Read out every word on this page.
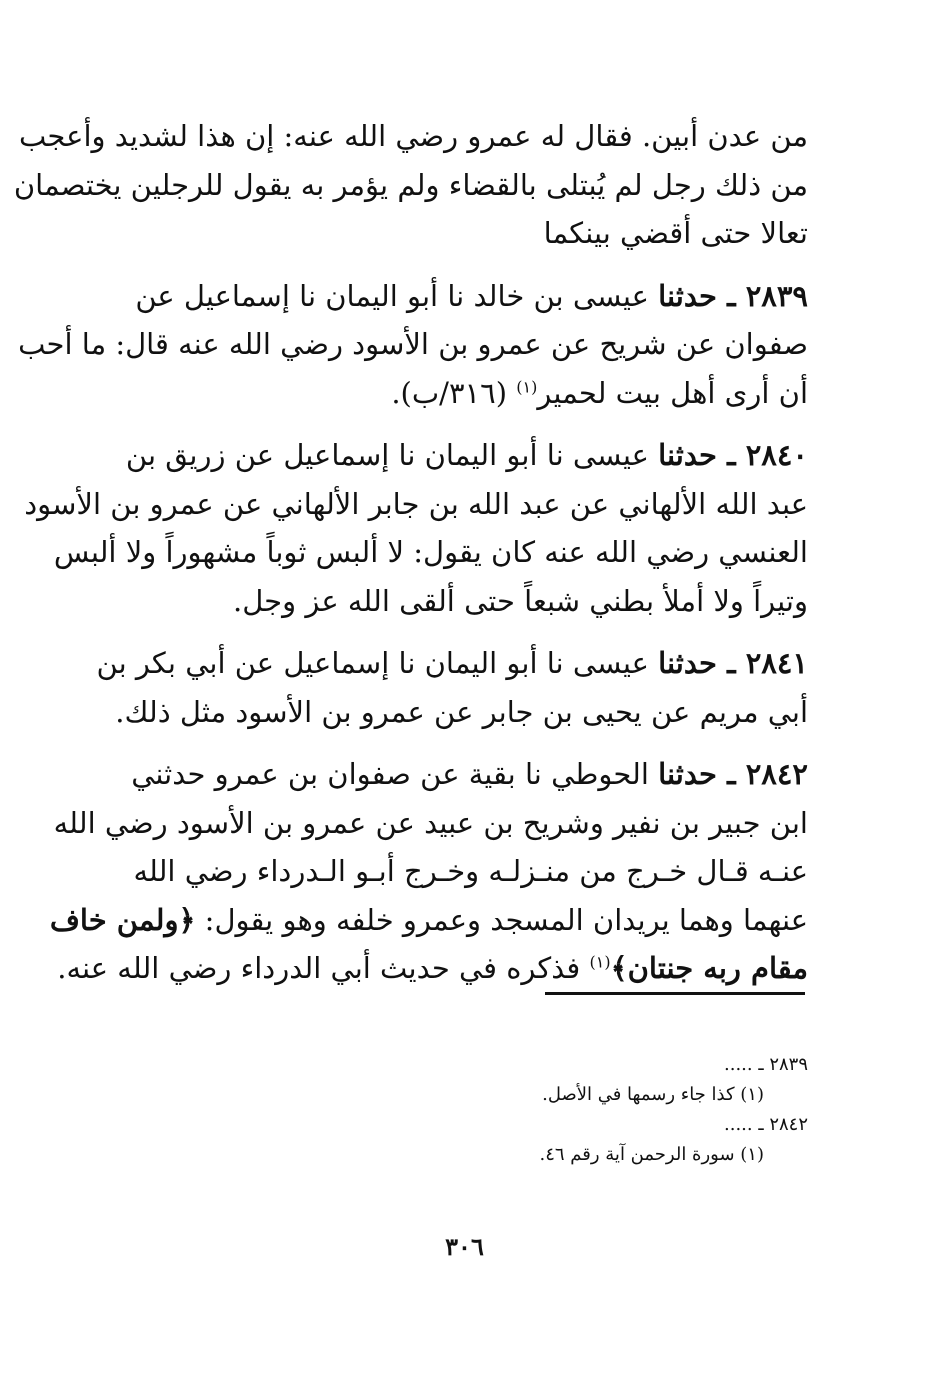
من عدن أبين. فقال له عمرو رضي الله عنه: إن هذا لشديد وأعجب
من ذلك رجل لم يُبتلى بالقضاء ولم يؤمر به يقول للرجلين يختصمان
تعالا حتى أقضي بينكما
٢٨٣٩ ـ حدثنا عيسى بن خالد نا أبو اليمان نا إسماعيل عن
صفوان عن شريح عن عمرو بن الأسود رضي الله عنه قال: ما أحب
أن أرى أهل بيت لحمير$^{(١)}$ (٣١٦/ب).
٢٨٤٠ ـ حدثنا عيسى نا أبو اليمان نا إسماعيل عن زريق بن
عبد الله الألهاني عن عبد الله بن جابر الألهاني عن عمرو بن الأسود
العنسي رضي الله عنه كان يقول: لا ألبس ثوباً مشهوراً ولا ألبس
وتيراً ولا أملأ بطني شبعاً حتى ألقى الله عز وجل.
٢٨٤١ ـ حدثنا عيسى نا أبو اليمان نا إسماعيل عن أبي بكر بن
أبي مريم عن يحيى بن جابر عن عمرو بن الأسود مثل ذلك.
٢٨٤٢ ـ حدثنا الحوطي نا بقية عن صفوان بن عمرو حدثني
ابن جبير بن نفير وشريح بن عبيد عن عمرو بن الأسود رضي الله
عنـه قـال خـرج من منـزلـه وخـرج أبـو الـدرداء رضي الله
عنهما وهما يريدان المسجد وعمرو خلفه وهو يقول: ﴿ولمن خاف
مقام ربه جنتان﴾$^{(١)}$ فذكره في حديث أبي الدرداء رضي الله عنه.
٢٨٣٩ ـ .....
(١) كذا جاء رسمها في الأصل.
٢٨٤٢ ـ .....
(١) سورة الرحمن آية رقم ٤٦.
٣٠٦
